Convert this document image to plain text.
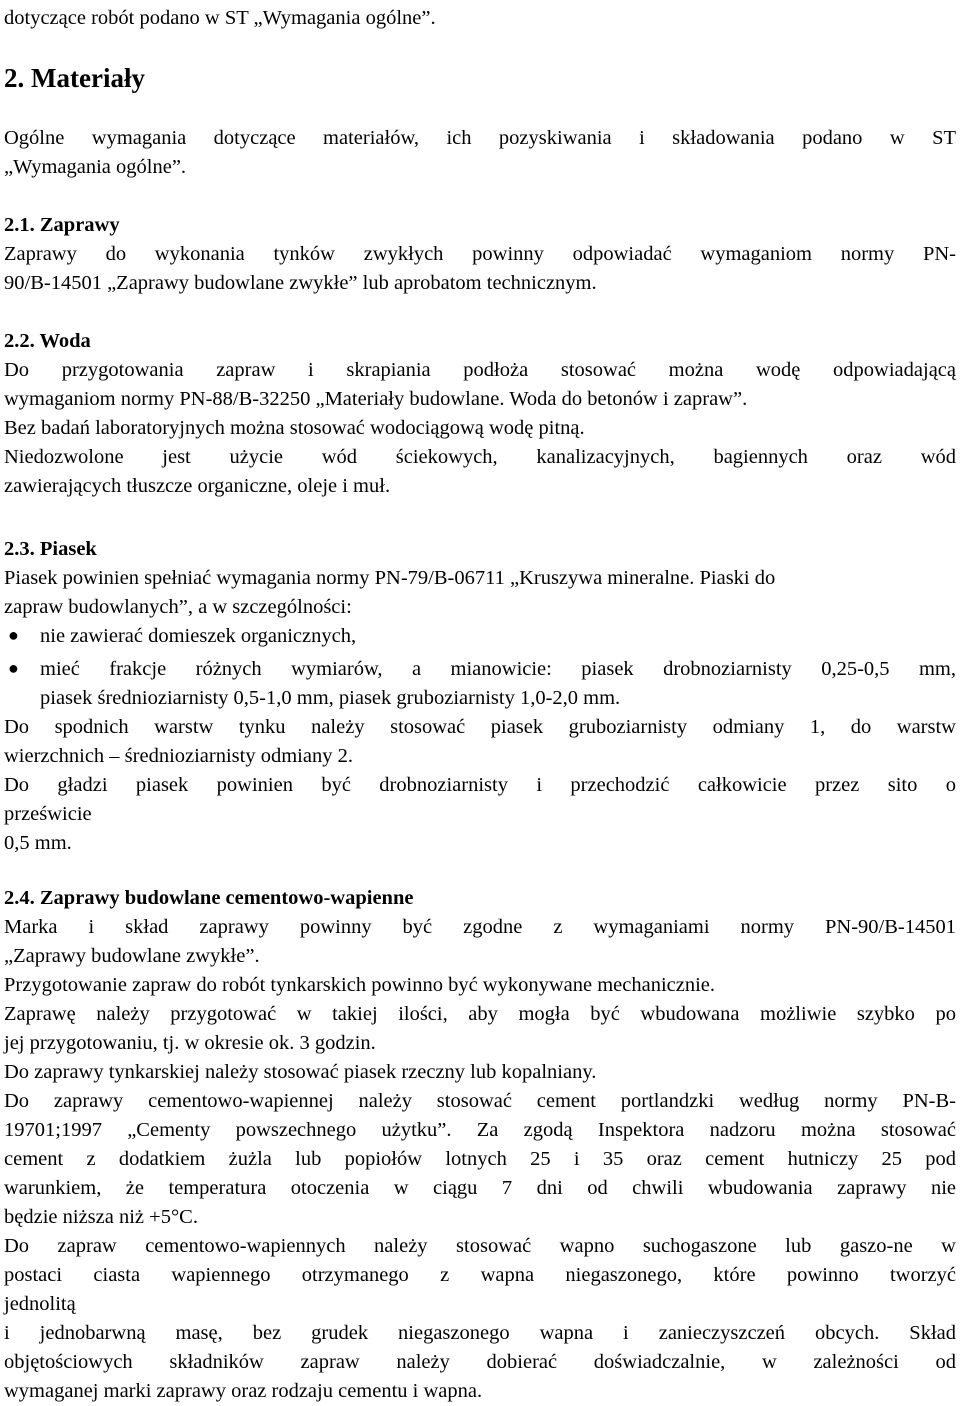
dotyczące robót podano w ST „Wymagania ogólne”.
2. Materiały
Ogólne wymagania dotyczące materiałów, ich pozyskiwania i składowania podano w ST
„Wymagania ogólne”.
2.1. Zaprawy
Zaprawy do wykonania tynków zwykłych powinny odpowiadać wymaganiom normy PN-
90/B-14501 „Zaprawy budowlane zwykłe” lub aprobatom technicznym.
2.2. Woda
Do przygotowania zapraw i skrapiania podłoża stosować można wodę odpowiadającą
wymaganiom normy PN-88/B-32250 „Materiały budowlane. Woda do betonów i zapraw”.
Bez badań laboratoryjnych można stosować wodociągową wodę pitną.
Niedozwolone jest użycie wód ściekowych, kanalizacyjnych, bagiennych oraz wód
zawierających tłuszcze organiczne, oleje i muł.
2.3. Piasek
Piasek powinien spełniać wymagania normy PN-79/B-06711 „Kruszywa mineralne. Piaski do
zapraw budowlanych”, a w szczególności:
● nie zawierać domieszek organicznych,
● mieć frakcje różnych wymiarów, a mianowicie: piasek drobnoziarnisty 0,25-0,5 mm,
piasek średnioziarnisty 0,5-1,0 mm, piasek gruboziarnisty 1,0-2,0 mm.
Do spodnich warstw tynku należy stosować piasek gruboziarnisty odmiany 1, do warstw
wierzchnich – średnioziarnisty odmiany 2.
Do gładzi piasek powinien być drobnoziarnisty i przechodzić całkowicie przez sito o
prześwicie
0,5 mm.
2.4. Zaprawy budowlane cementowo-wapienne
Marka i skład zaprawy powinny być zgodne z wymaganiami normy PN-90/B-14501
„Zaprawy budowlane zwykłe”.
Przygotowanie zapraw do robót tynkarskich powinno być wykonywane mechanicznie.
Zaprawę należy przygotować w takiej ilości, aby mogła być wbudowana możliwie szybko po
jej przygotowaniu, tj. w okresie ok. 3 godzin.
Do zaprawy tynkarskiej należy stosować piasek rzeczny lub kopalniany.
Do zaprawy cementowo-wapiennej należy stosować cement portlandzki według normy PN-B-
19701;1997 „Cementy powszechnego użytku”. Za zgodą Inspektora nadzoru można stosować
cement z dodatkiem żużla lub popiołów lotnych 25 i 35 oraz cement hutniczy 25 pod
warunkiem, że temperatura otoczenia w ciągu 7 dni od chwili wbudowania zaprawy nie
będzie niższa niż +5°C.
Do zapraw cementowo-wapiennych należy stosować wapno suchogaszone lub gaszo-ne w
postaci ciasta wapiennego otrzymanego z wapna niegaszonego, które powinno tworzyć
jednolitą
i jednobarwną masę, bez grudek niegaszonego wapna i zanieczyszczeń obcych. Skład
objętościowych składników zapraw należy dobierać doświadczalnie, w zależności od
wymaganej marki zaprawy oraz rodzaju cementu i wapna.
